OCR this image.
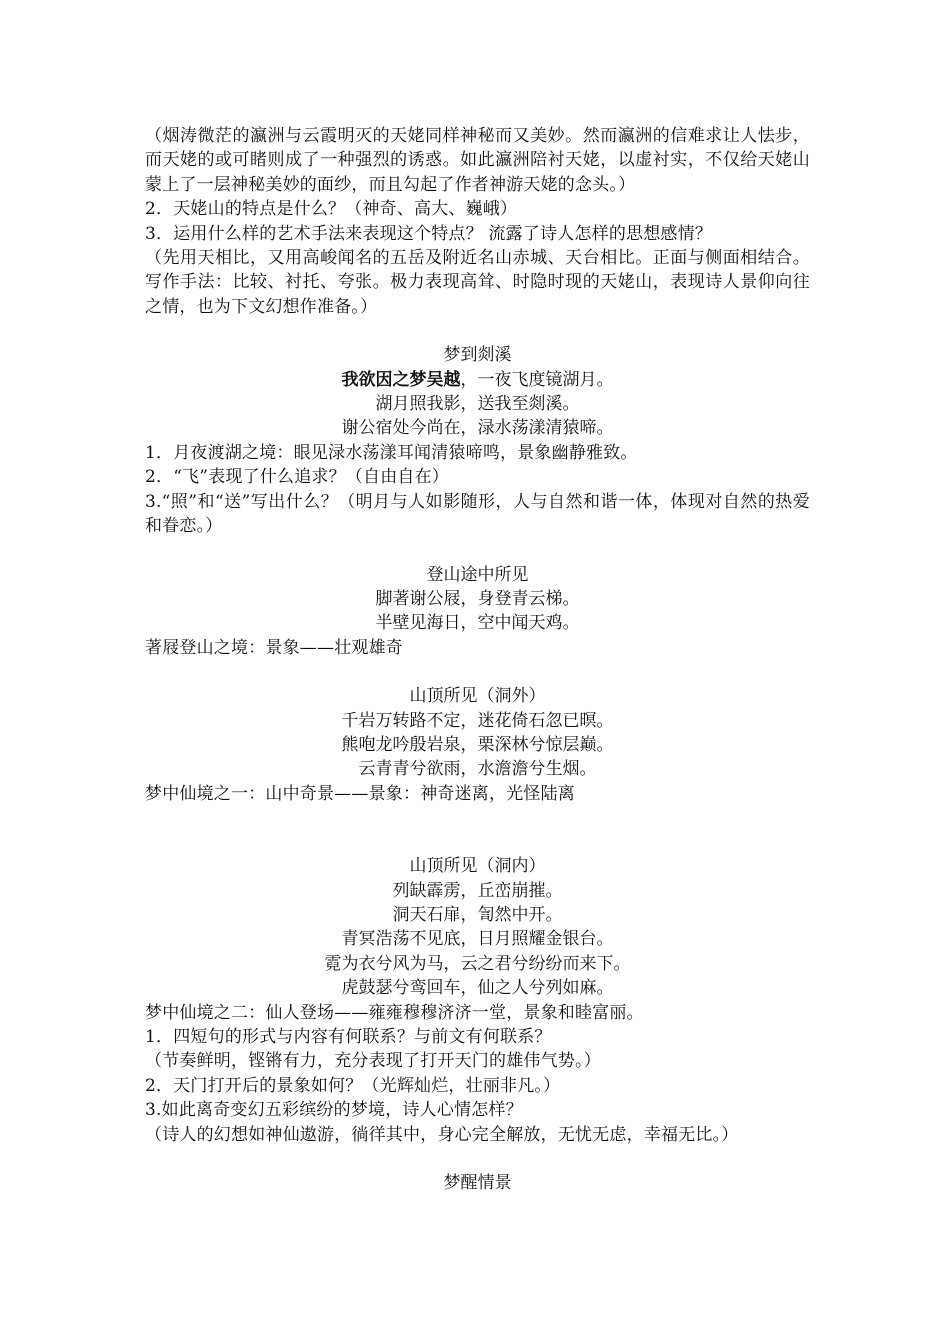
（烟涛微茫的瀛洲与云霞明灭的天姥同样神秘而又美妙。然而瀛洲的信难求让人怯步，而天姥的或可睹则成了一种强烈的诱惑。如此瀛洲陪衬天姥，以虚衬实，不仅给天姥山蒙上了一层神秘美妙的面纱，而且勾起了作者神游天姥的念头。）

2．天姥山的特点是什么？（神奇、高大、巍峨）

3．运用什么样的艺术手法来表现这个特点？ 流露了诗人怎样的思想感情？

（先用天相比，又用高峻闻名的五岳及附近名山赤城、天台相比。正面与侧面相结合。写作手法：比较、衬托、夸张。极力表现高耸、时隐时现的天姥山，表现诗人景仰向往之情，也为下文幻想作准备。）

梦到剡溪

我欲因之梦吴越，一夜飞度镜湖月。

湖月照我影，送我至剡溪。

谢公宿处今尚在，渌水荡漾清猿啼。

1．月夜渡湖之境：眼见渌水荡漾耳闻清猿啼鸣，景象幽静雅致。

2．“飞”表现了什么追求？（自由自在）

3.“照”和“送”写出什么？（明月与人如影随形，人与自然和谐一体，体现对自然的热爱和眷恋。）

登山途中所见

脚著谢公屐，身登青云梯。

半壁见海日，空中闻天鸡。

著屐登山之境：景象——壮观雄奇

山顶所见（洞外）

千岩万转路不定，迷花倚石忽已暝。

熊咆龙吟殷岩泉，栗深林兮惊层巅。

云青青兮欲雨，水澹澹兮生烟。

梦中仙境之一：山中奇景——景象：神奇迷离，光怪陆离

山顶所见（洞内）

列缺霹雳，丘峦崩摧。

洞天石扉，訇然中开。

青冥浩荡不见底，日月照耀金银台。

霓为衣兮风为马，云之君兮纷纷而来下。

虎鼓瑟兮鸾回车，仙之人兮列如麻。

梦中仙境之二：仙人登场——雍雍穆穆济济一堂，景象和睦富丽。

1．四短句的形式与内容有何联系？与前文有何联系？

（节奏鲜明，铿锵有力，充分表现了打开天门的雄伟气势。）

2．天门打开后的景象如何？（光辉灿烂，壮丽非凡。）

3.如此离奇变幻五彩缤纷的梦境，诗人心情怎样？

（诗人的幻想如神仙遨游，徜徉其中，身心完全解放，无忧无虑，幸福无比。）

梦醒情景
